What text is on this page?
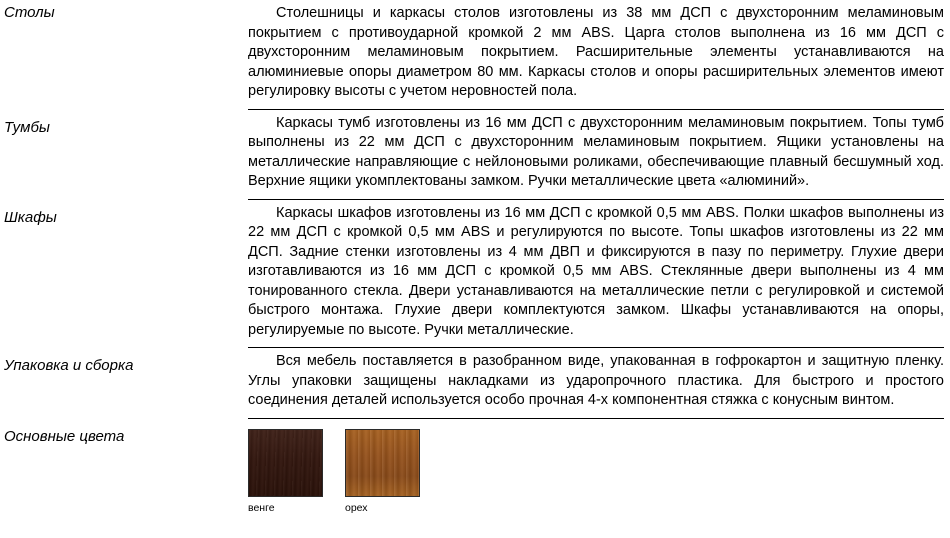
Столы	Столешницы и каркасы столов изготовлены из 38 мм ДСП с двухсторонним меламиновым покрытием с противоударной кромкой 2 мм ABS. Царга столов выполнена из 16 мм ДСП с двухсторонним меламиновым покрытием. Расширительные элементы устанавливаются на алюминиевые опоры диаметром 80 мм. Каркасы столов и опоры расширительных элементов имеют регулировку высоты с учетом неровностей пола.

Тумбы	Каркасы тумб изготовлены из 16 мм ДСП с двухсторонним меламиновым покрытием. Топы тумб выполнены из 22 мм ДСП с двухсторонним меламиновым покрытием. Ящики установлены на металлические направляющие с нейлоновыми роликами, обеспечивающие плавный бесшумный ход. Верхние ящики укомплектованы замком. Ручки металлические цвета «алюминий».

Шкафы	Каркасы шкафов изготовлены из 16 мм ДСП с кромкой 0,5 мм ABS. Полки шкафов выполнены из 22 мм ДСП с кромкой 0,5 мм ABS и регулируются по высоте. Топы шкафов изготовлены из 22 мм ДСП. Задние стенки изготовлены из 4 мм ДВП и фиксируются в пазу по периметру. Глухие двери изготавливаются из 16 мм ДСП с кромкой 0,5 мм ABS. Стеклянные двери выполнены из 4 мм тонированного стекла. Двери устанавливаются на металлические петли с регулировкой и системой быстрого монтажа. Глухие двери комплектуются замком. Шкафы устанавливаются на опоры, регулируемые по высоте. Ручки металлические.

Упаковка и сборка	Вся мебель поставляется в разобранном виде, упакованная в гофрокартон и защитную пленку. Углы упаковки защищены накладками из ударопрочного пластика. Для быстрого и простого соединения деталей используется особо прочная 4-х компонентная стяжка с конусным винтом.

Основные цвета
венге	орех
